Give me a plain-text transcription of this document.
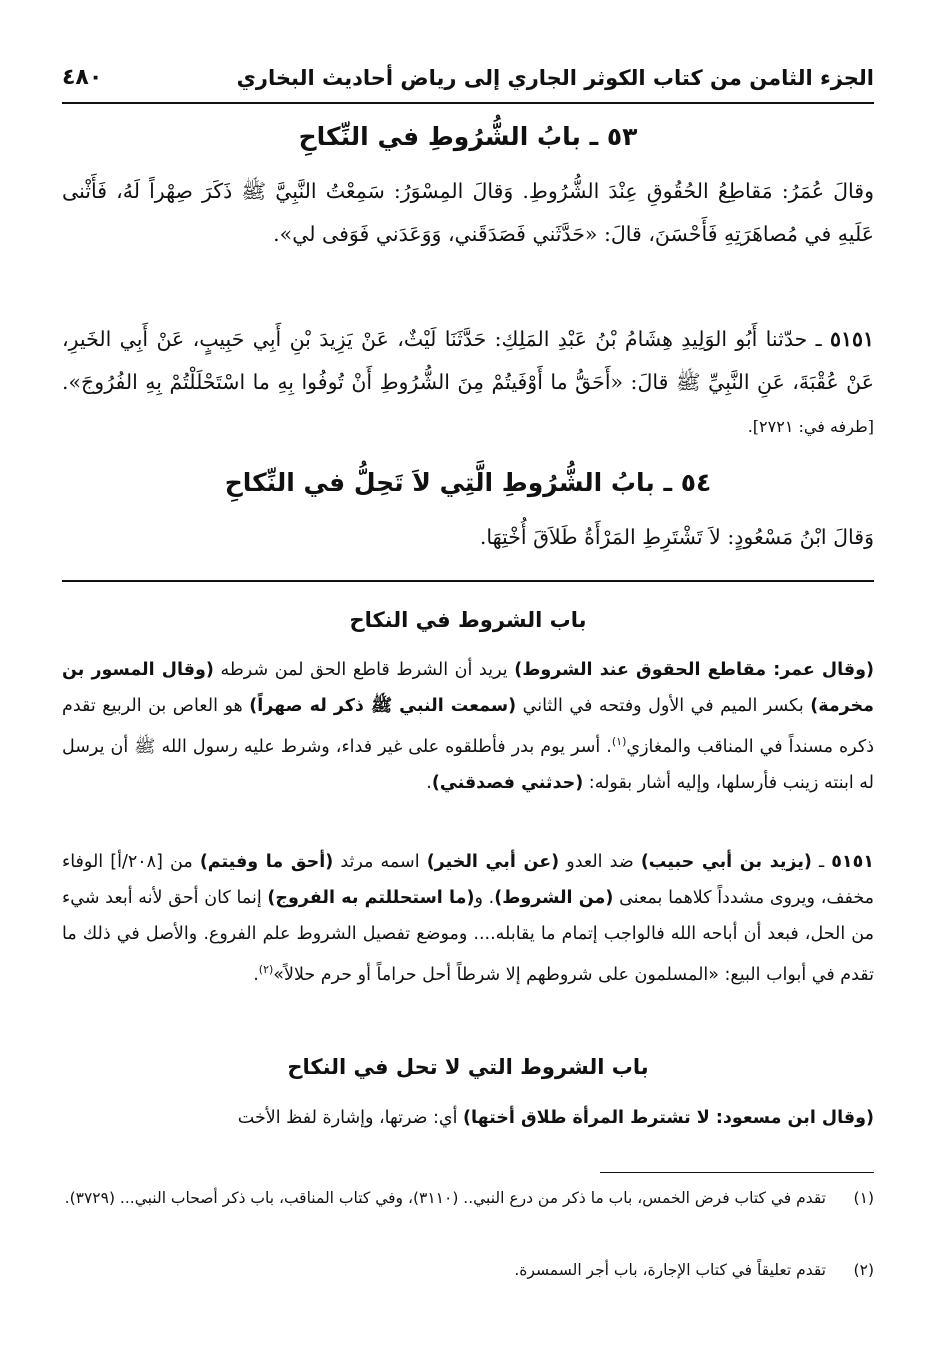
الجزء الثامن من كتاب الكوثر الجاري إلى رياض أحاديث البخاري
٤٨٠
٥٣ ـ بابُ الشُّرُوطِ في النِّكاحِ
وقالَ عُمَرُ: مَقاطِعُ الحُقُوقِ عِنْدَ الشُّرُوطِ. وَقالَ المِسْوَرُ: سَمِعْتُ النَّبِيَّ ﷺ ذَكَرَ صِهْراً لَهُ، فَأَثْنى عَلَيهِ في مُصاهَرَتِهِ فَأَحْسَنَ، قالَ: «حَدَّثَني فَصَدَقَني، وَوَعَدَني فَوَفى لي».
٥١٥١ ـ حدّثنا أَبُو الوَلِيدِ هِشَامُ بْنُ عَبْدِ المَلِكِ: حَدَّثَنَا لَيْثٌ، عَنْ يَزِيدَ بْنِ أَبِي حَبِيبٍ، عَنْ أَبِي الخَيرِ، عَنْ عُقْبَةَ، عَنِ النَّبِيِّ ﷺ قالَ: «أَحَقُّ ما أَوْفَيتُمْ مِنَ الشُّرُوطِ أَنْ تُوفُوا بِهِ ما اسْتَحْلَلْتُمْ بِهِ الفُرُوجَ». [طرفه في: ٢٧٢١].
٥٤ ـ بابُ الشُّرُوطِ الَّتِي لاَ تَحِلُّ في النِّكاحِ
وَقالَ ابْنُ مَسْعُودٍ: لاَ تَشْتَرِطِ المَرْأَةُ طَلاَقَ أُخْتِهَا.
باب الشروط في النكاح
(وقال عمر: مقاطع الحقوق عند الشروط) يريد أن الشرط قاطع الحق لمن شرطه (وقال المسور بن مخرمة) بكسر الميم في الأول وفتحه في الثاني (سمعت النبي ﷺ ذكر له صهراً) هو العاص بن الربيع تقدم ذكره مسنداً في المناقب والمغازي$^{(١)}$. أسر يوم بدر فأطلقوه على غير فداء، وشرط عليه رسول الله ﷺ أن يرسل له ابنته زينب فأرسلها، وإليه أشار بقوله: (حدثني فصدقني).
٥١٥١ ـ (يزيد بن أبي حبيب) ضد العدو (عن أبي الخير) اسمه مرثد (أحق ما وفيتم) من [٢٠٨/أ] الوفاء مخفف، ويروى مشدداً كلاهما بمعنى (من الشروط). و(ما استحللتم به الفروج) إنما كان أحق لأنه أبعد شيء من الحل، فبعد أن أباحه الله فالواجب إتمام ما يقابله.... وموضع تفصيل الشروط علم الفروع. والأصل في ذلك ما تقدم في أبواب البيع: «المسلمون على شروطهم إلا شرطاً أحل حراماً أو حرم حلالاً»$^{(٢)}$.
باب الشروط التي لا تحل في النكاح
(وقال ابن مسعود: لا تشترط المرأة طلاق أختها) أي: ضرتها، وإشارة لفظ الأخت
(١)
تقدم في كتاب فرض الخمس، باب ما ذكر من درع النبي.. (٣١١٠)، وفي كتاب المناقب، باب ذكر أصحاب النبي... (٣٧٢٩).
(٢)
تقدم تعليقاً في كتاب الإجارة، باب أجر السمسرة.
